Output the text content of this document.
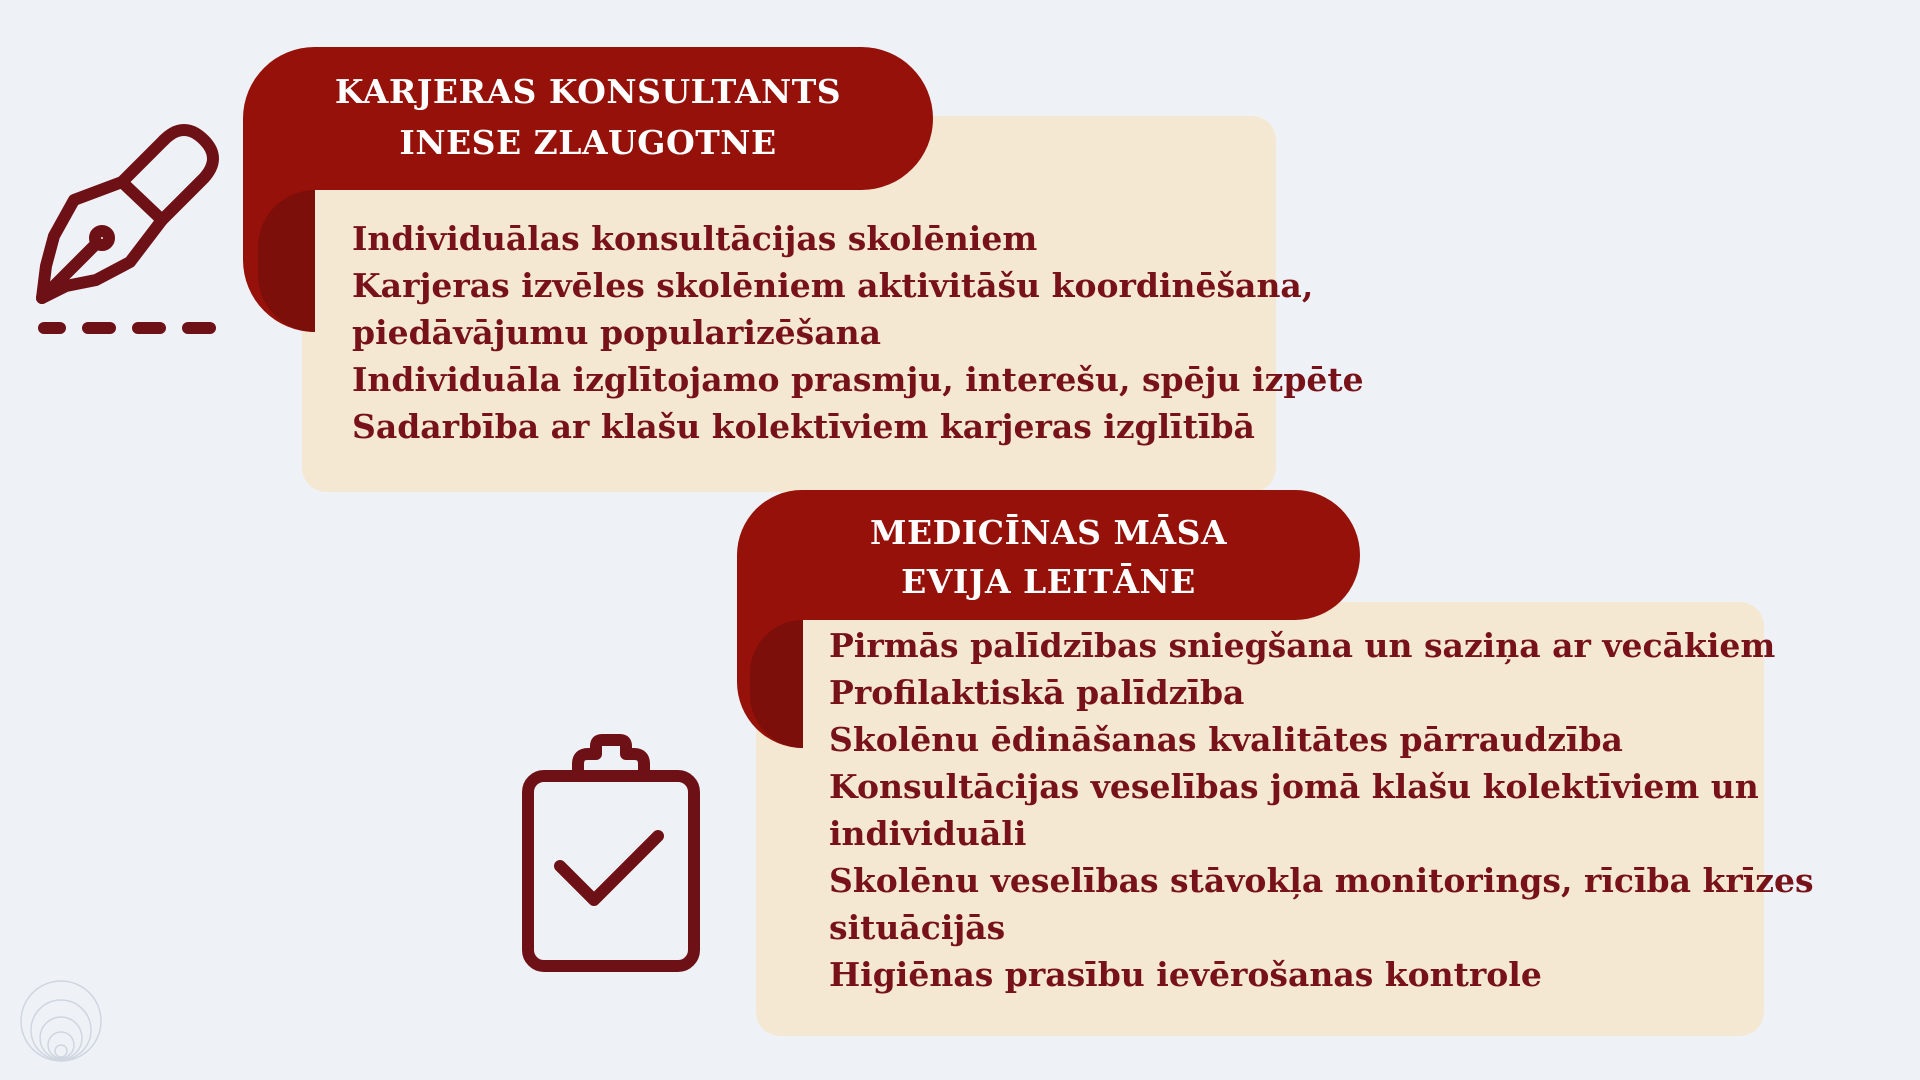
KARJERAS KONSULTANTS
INESE ZLAUGOTNE
Individuālas konsultācijas skolēniem
Karjeras izvēles skolēniem aktivitāšu koordinēšana,
piedāvājumu popularizēšana
Individuāla izglītojamo prasmju, interešu, spēju izpēte
Sadarbība ar klašu kolektīviem karjeras izglītībā
MEDICĪNAS MĀSA
EVIJA LEITĀNE
Pirmās palīdzības sniegšana un saziņa ar vecākiem
Profilaktiskā palīdzība
Skolēnu ēdināšanas kvalitātes pārraudzība
Konsultācijas veselības jomā klašu kolektīviem un
individuāli
Skolēnu veselības stāvokļa monitorings, rīcība krīzes
situācijās
Higiēnas prasību ievērošanas kontrole
